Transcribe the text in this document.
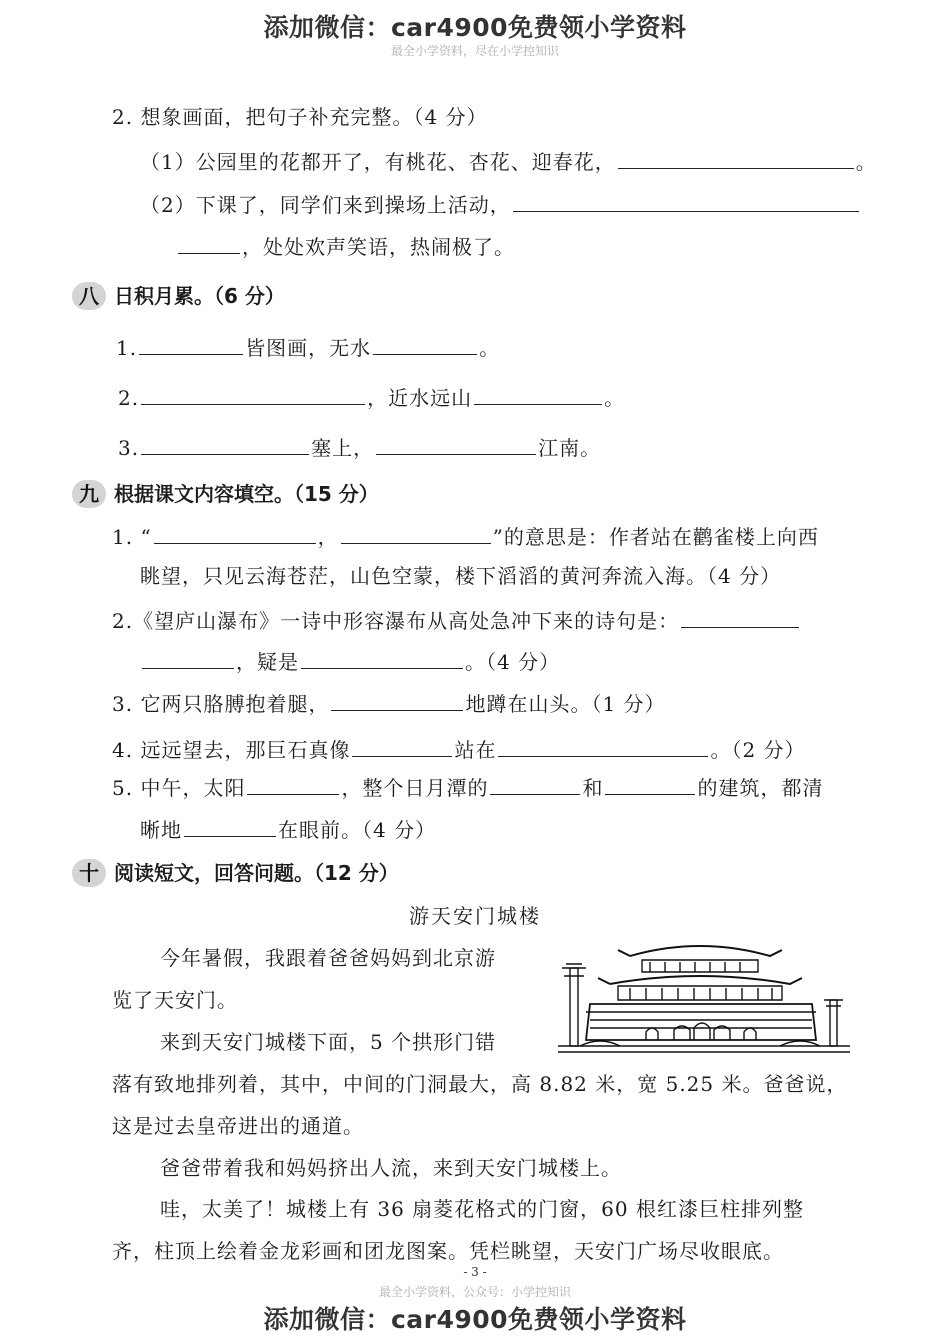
添加微信：car4900免费领小学资料
最全小学资料，尽在小学控知识
2. 想象画面，把句子补充完整。（4 分）
（1）公园里的花都开了，有桃花、杏花、迎春花，	。
（2）下课了，同学们来到操场上活动，
，处处欢声笑语，热闹极了。
八 日积月累。（6 分）
1.	皆图画，无水	。
2.	，近水远山	。
3.	塞上，	江南。
九 根据课文内容填空。（15 分）
1. “	，	”的意思是：作者站在鹳雀楼上向西
眺望，只见云海苍茫，山色空蒙，楼下滔滔的黄河奔流入海。（4 分）
2.《望庐山瀑布》一诗中形容瀑布从高处急冲下来的诗句是：
，疑是	。（4 分）
3. 它两只胳膊抱着腿，	地蹲在山头。（1 分）
4. 远远望去，那巨石真像	站在	。（2 分）
5. 中午，太阳	，整个日月潭的	和	的建筑，都清
晰地	在眼前。（4 分）
十 阅读短文，回答问题。（12 分）
游天安门城楼
今年暑假，我跟着爸爸妈妈到北京游
览了天安门。
来到天安门城楼下面，5 个拱形门错
落有致地排列着，其中，中间的门洞最大，高 8.82 米，宽 5.25 米。爸爸说，
这是过去皇帝进出的通道。
爸爸带着我和妈妈挤出人流，来到天安门城楼上。
哇，太美了！城楼上有 36 扇菱花格式的门窗，60 根红漆巨柱排列整
齐，柱顶上绘着金龙彩画和团龙图案。凭栏眺望，天安门广场尽收眼底。
- 3 -
最全小学资料，公众号：小学控知识
添加微信：car4900免费领小学资料
